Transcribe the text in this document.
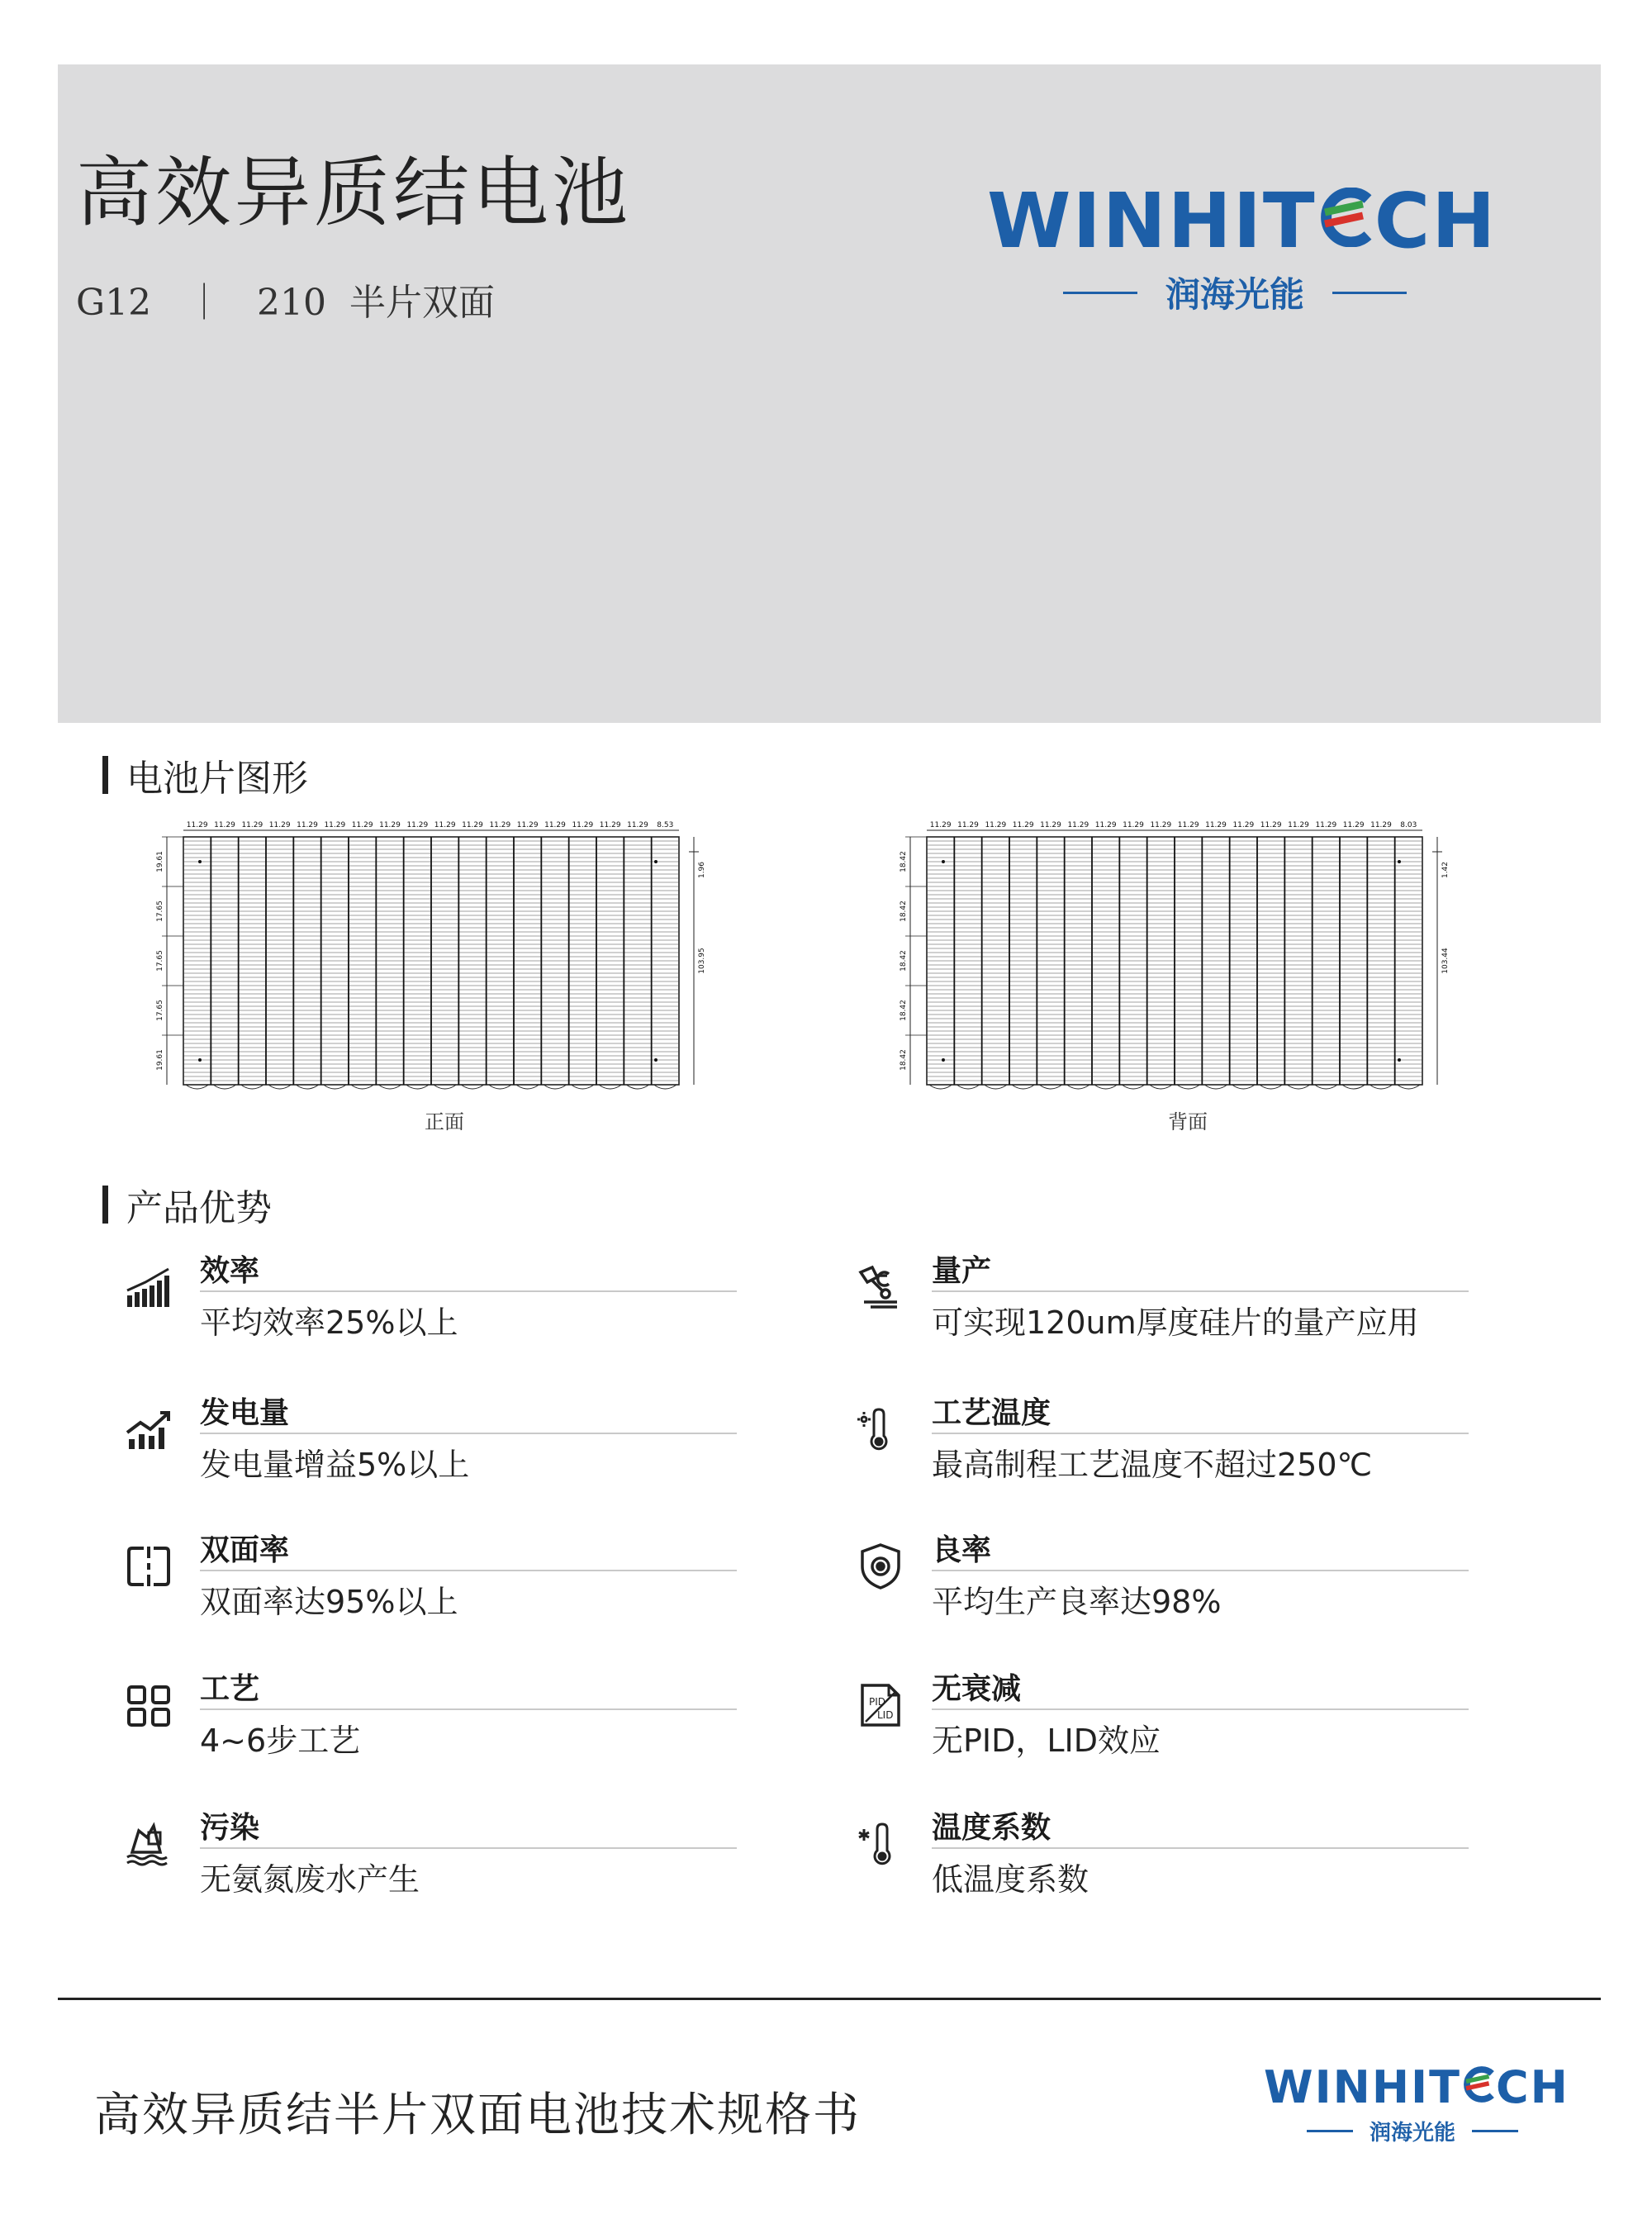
高效异质结电池
G12   ｜   210  半片双面
WINHIT CH
润海光能
电池片图形
11.29 11.29 11.29 11.29 11.29 11.29 11.29 11.29 11.29 11.29 11.29 11.29 11.29 11.29 11.29 11.29 11.29 8.53
19.61
17.65
17.65
17.65
19.61
1.96
103.95
11.29 11.29 11.29 11.29 11.29 11.29 11.29 11.29 11.29 11.29 11.29 11.29 11.29 11.29 11.29 11.29 11.29 8.03
18.42
18.42
18.42
18.42
18.42
1.42
103.44
正面	背面
产品优势
效率
平均效率25%以上
发电量
发电量增益5%以上
双面率
双面率达95%以上
工艺
4~6步工艺
污染
无氨氮废水产生
量产
可实现120um厚度硅片的量产应用
工艺温度
最高制程工艺温度不超过250℃
良率
平均生产良率达98%
PID
LID
无衰减
无PID，LID效应
温度系数
低温度系数
高效异质结半片双面电池技术规格书
WINHIT CH
润海光能
